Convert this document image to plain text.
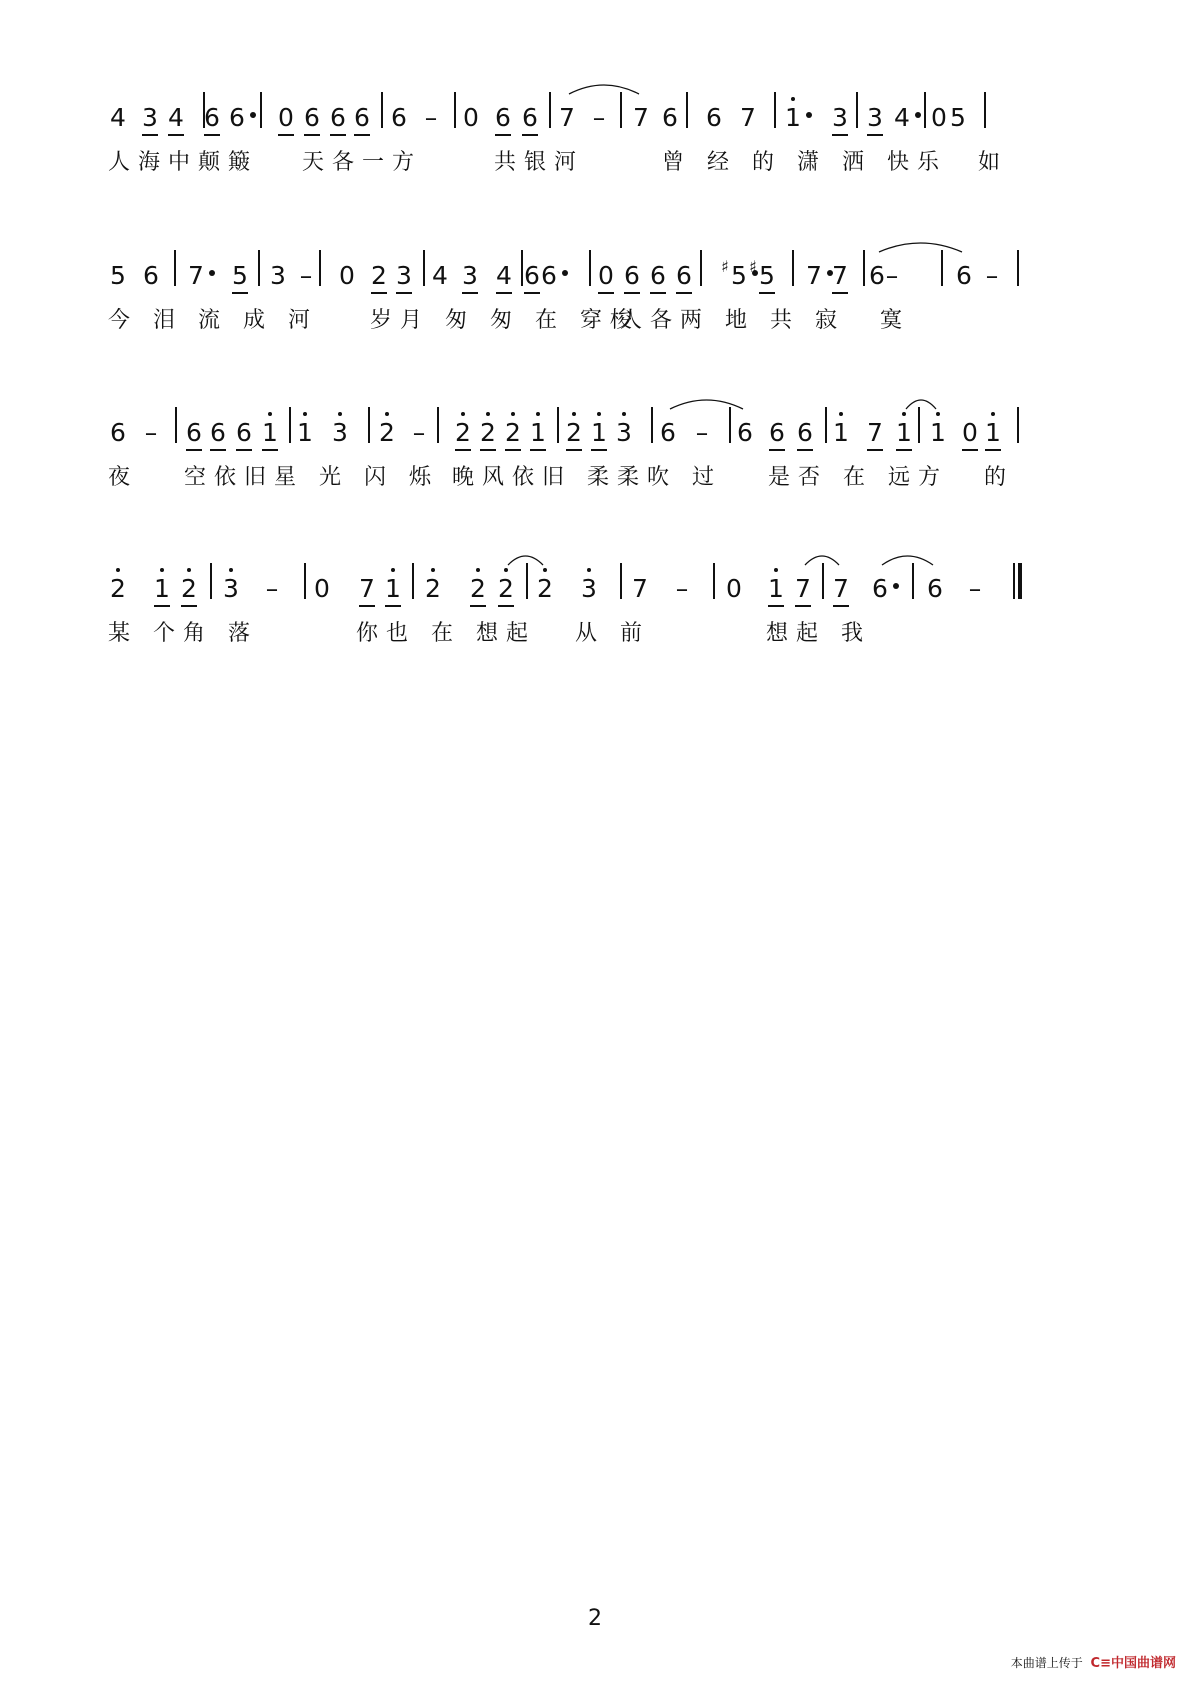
4 3 4 6 6 0 6 6 6 6 – 0 6 6 7 – 7 6 6 7 1 3 3 4 0 5
人海中颠簸 天各一方	共银河	曾 经 的 潇 洒 快乐 如
5 6 7 5 3 – 0 2 3 4 3 4 6 6 0 6 6 6 5
♯ 5
♯ 7 7 6 – 6 –
今 泪 流 成 河 岁月 匆 匆 在 穿梭
人各两 地 共 寂 寞
6 – 6 6 6 1 1 3 2 – 2 2 2 1 2 1 3 6 – 6 6 6 1 7 1 1 0 1
夜 空依旧星 光 闪 烁 晚风依旧 柔柔吹 过 是否 在 远方 的
2 1 2 3 – 0 7 1 2 2 2 2 3 7 – 0 1 7 7 6 6 –
某 个角 落	你也 在 想起 从 前	想起 我
2
本曲谱上传于 C≡中国曲谱网
